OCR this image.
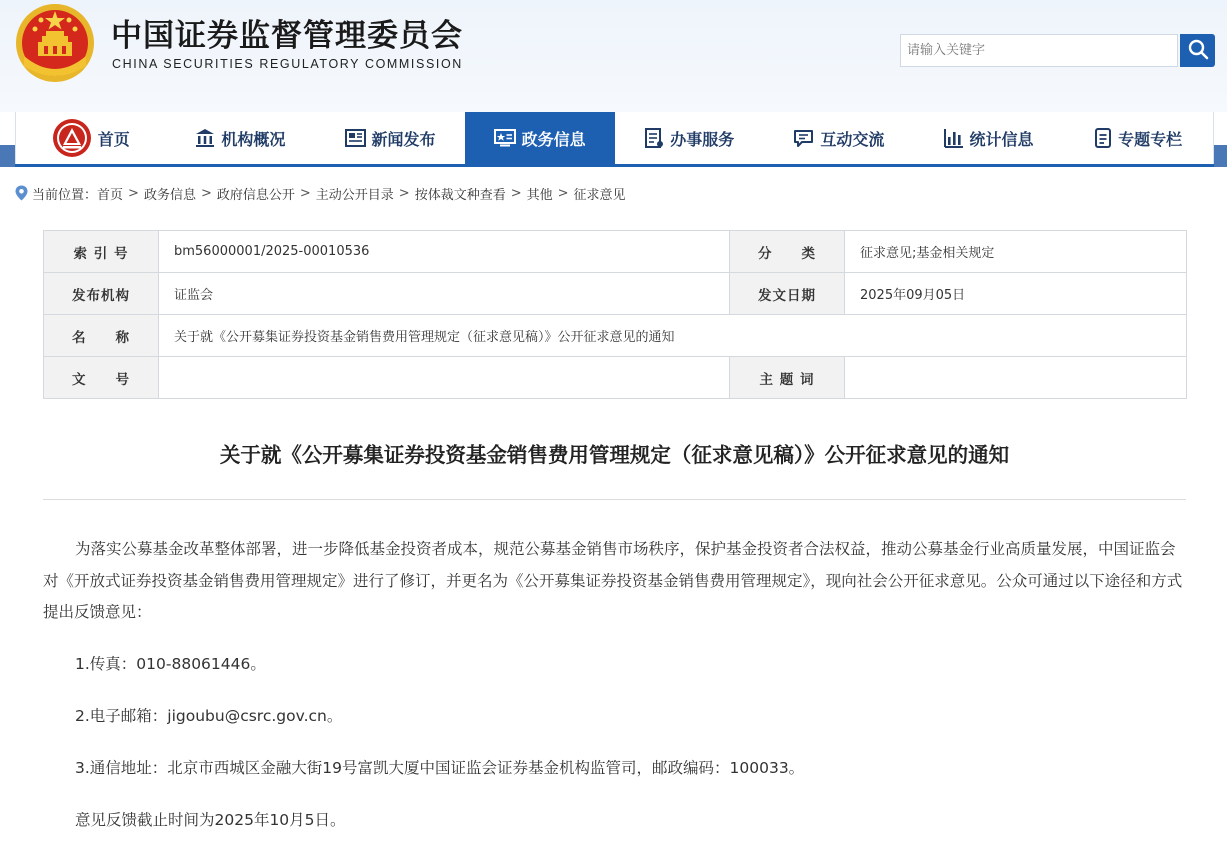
中国证券监督管理委员会
CHINA SECURITIES REGULATORY COMMISSION
请输入关键字
首页	机构概况	新闻发布	政务信息	办事服务	互动交流	统计信息	专题专栏
当前位置： 首页 > 政务信息 > 政府信息公开 > 主动公开目录 > 按体裁文种查看 > 其他 > 征求意见
索 引 号	bm56000001/2025-00010536	分　　类	征求意见;基金相关规定
发布机构	证监会	发文日期	2025年09月05日
名　　称	关于就《公开募集证券投资基金销售费用管理规定（征求意见稿）》公开征求意见的通知		
文　　号		主 题 词	
关于就《公开募集证券投资基金销售费用管理规定（征求意见稿）》公开征求意见的通知

为落实公募基金改革整体部署，进一步降低基金投资者成本，规范公募基金销售市场秩序，保护基金投资者合法权益，推动公募基金行业高质量发展，中国证监会对《开放式证券投资基金销售费用管理规定》进行了修订，并更名为《公开募集证券投资基金销售费用管理规定》，现向社会公开征求意见。公众可通过以下途径和方式提出反馈意见：

1.传真：010-88061446。

2.电子邮箱：jigoubu@csrc.gov.cn。

3.通信地址：北京市西城区金融大街19号富凯大厦中国证监会证券基金机构监管司，邮政编码：100033。

意见反馈截止时间为2025年10月5日。
